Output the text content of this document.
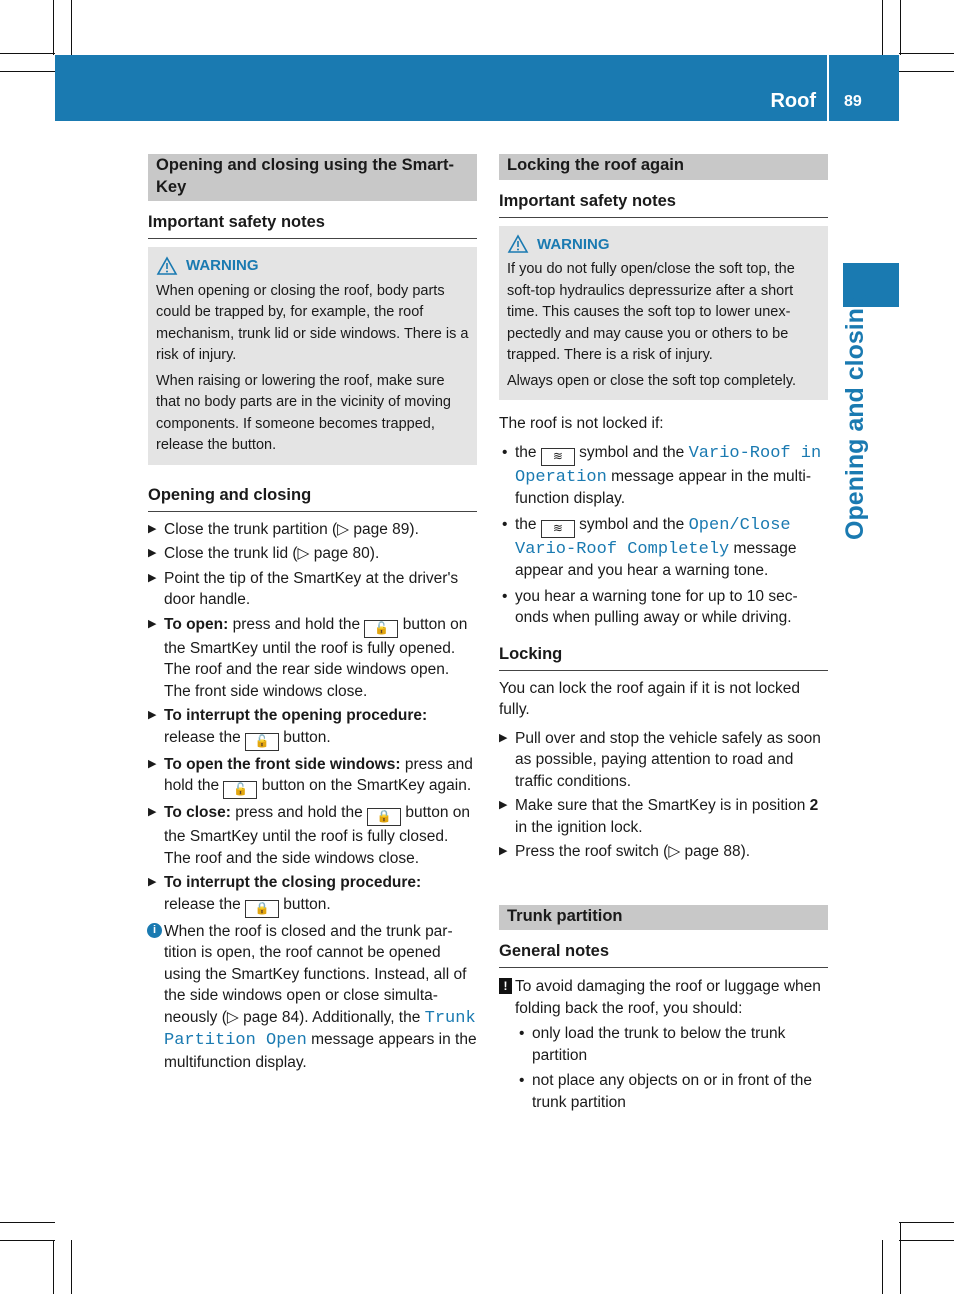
Roof 89
Opening and closing
Opening and closing using the Smart-Key
Important safety notes
WARNING

When opening or closing the roof, body parts could be trapped by, for example, the roof mechanism, trunk lid or side windows. There is a risk of injury.

When raising or lowering the roof, make sure that no body parts are in the vicinity of moving components. If someone becomes trapped, release the button.

Opening and closing
▶ Close the trunk partition (▷ page 89).
▶ Close the trunk lid (▷ page 80).
▶ Point the tip of the SmartKey at the driver's door handle.
▶ To open: press and hold the 🔓 button on the SmartKey until the roof is fully opened.
The roof and the rear side windows open. The front side windows close.
▶ To interrupt the opening procedure:
release the 🔓 button.
▶ To open the front side windows: press and hold the 🔓 button on the SmartKey again.
▶ To close: press and hold the 🔒 button on the SmartKey until the roof is fully closed.
The roof and the side windows close.
▶ To interrupt the closing procedure:
release the 🔒 button.
i When the roof is closed and the trunk par-tition is open, the roof cannot be opened using the SmartKey functions. Instead, all of the side windows open or close simulta-neously (▷ page 84). Additionally, the Trunk Partition Open message appears in the multifunction display.
Locking the roof again
Important safety notes
WARNING

If you do not fully open/close the soft top, the soft-top hydraulics depressurize after a short time. This causes the soft top to lower unex-pectedly and may cause you or others to be trapped. There is a risk of injury.

Always open or close the soft top completely.

The roof is not locked if:

• the ≋ symbol and the Vario-Roof in Operation message appear in the multi-function display.
• the ≋ symbol and the Open/Close Vario-Roof Completely message appear and you hear a warning tone.
• you hear a warning tone for up to 10 sec-onds when pulling away or while driving.
Locking

You can lock the roof again if it is not locked fully.

▶ Pull over and stop the vehicle safely as soon as possible, paying attention to road and traffic conditions.
▶ Make sure that the SmartKey is in position 2 in the ignition lock.
▶ Press the roof switch (▷ page 88).
Trunk partition
General notes
! To avoid damaging the roof or luggage when folding back the roof, you should:
• only load the trunk to below the trunk partition
• not place any objects on or in front of the trunk partition
